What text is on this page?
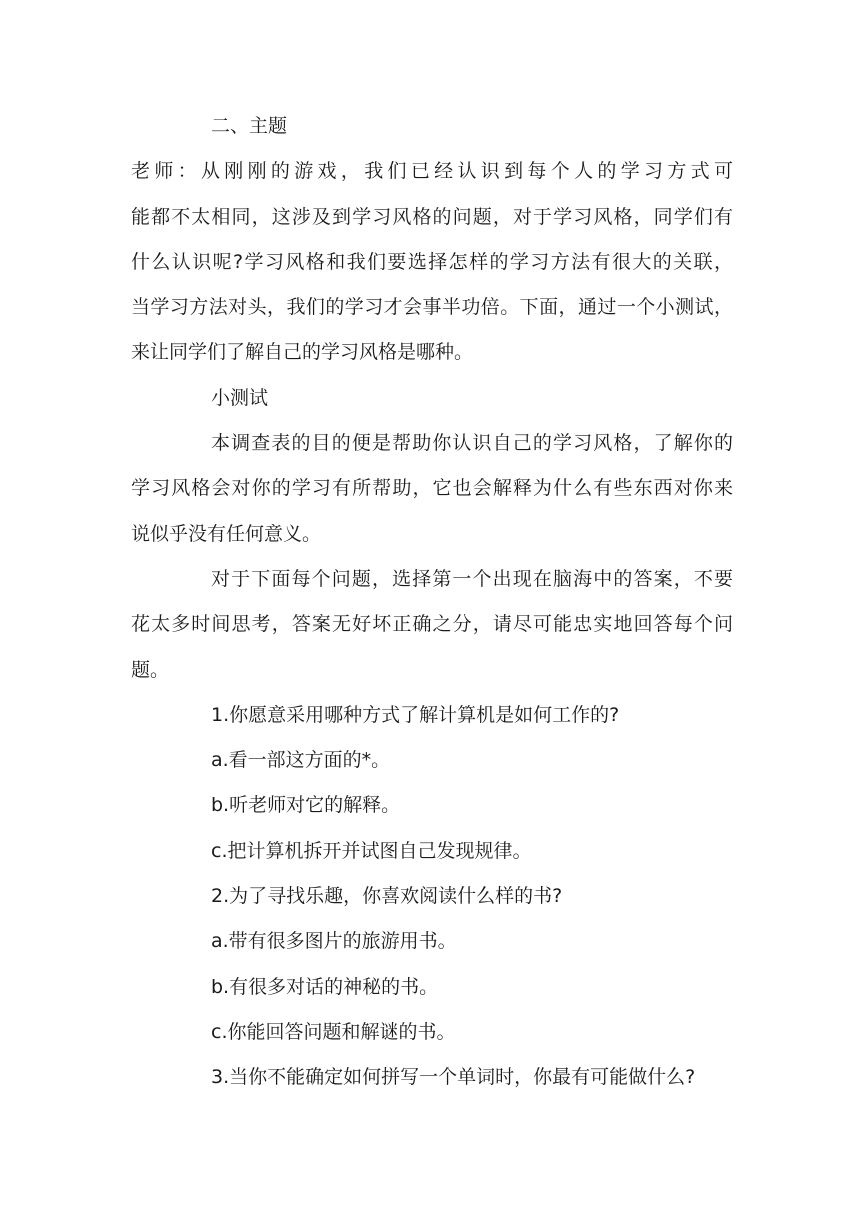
二、主题
老师：从刚刚的游戏，我们已经认识到每个人的学习方式可
能都不太相同，这涉及到学习风格的问题，对于学习风格，同学们有
什么认识呢?学习风格和我们要选择怎样的学习方法有很大的关联，
当学习方法对头，我们的学习才会事半功倍。下面，通过一个小测试，
来让同学们了解自己的学习风格是哪种。
小测试
本调查表的目的便是帮助你认识自己的学习风格，了解你的
学习风格会对你的学习有所帮助，它也会解释为什么有些东西对你来
说似乎没有任何意义。
对于下面每个问题，选择第一个出现在脑海中的答案，不要
花太多时间思考，答案无好坏正确之分，请尽可能忠实地回答每个问
题。
1.你愿意采用哪种方式了解计算机是如何工作的?
a.看一部这方面的*。
b.听老师对它的解释。
c.把计算机拆开并试图自己发现规律。
2.为了寻找乐趣，你喜欢阅读什么样的书?
a.带有很多图片的旅游用书。
b.有很多对话的神秘的书。
c.你能回答问题和解谜的书。
3.当你不能确定如何拼写一个单词时，你最有可能做什么?
